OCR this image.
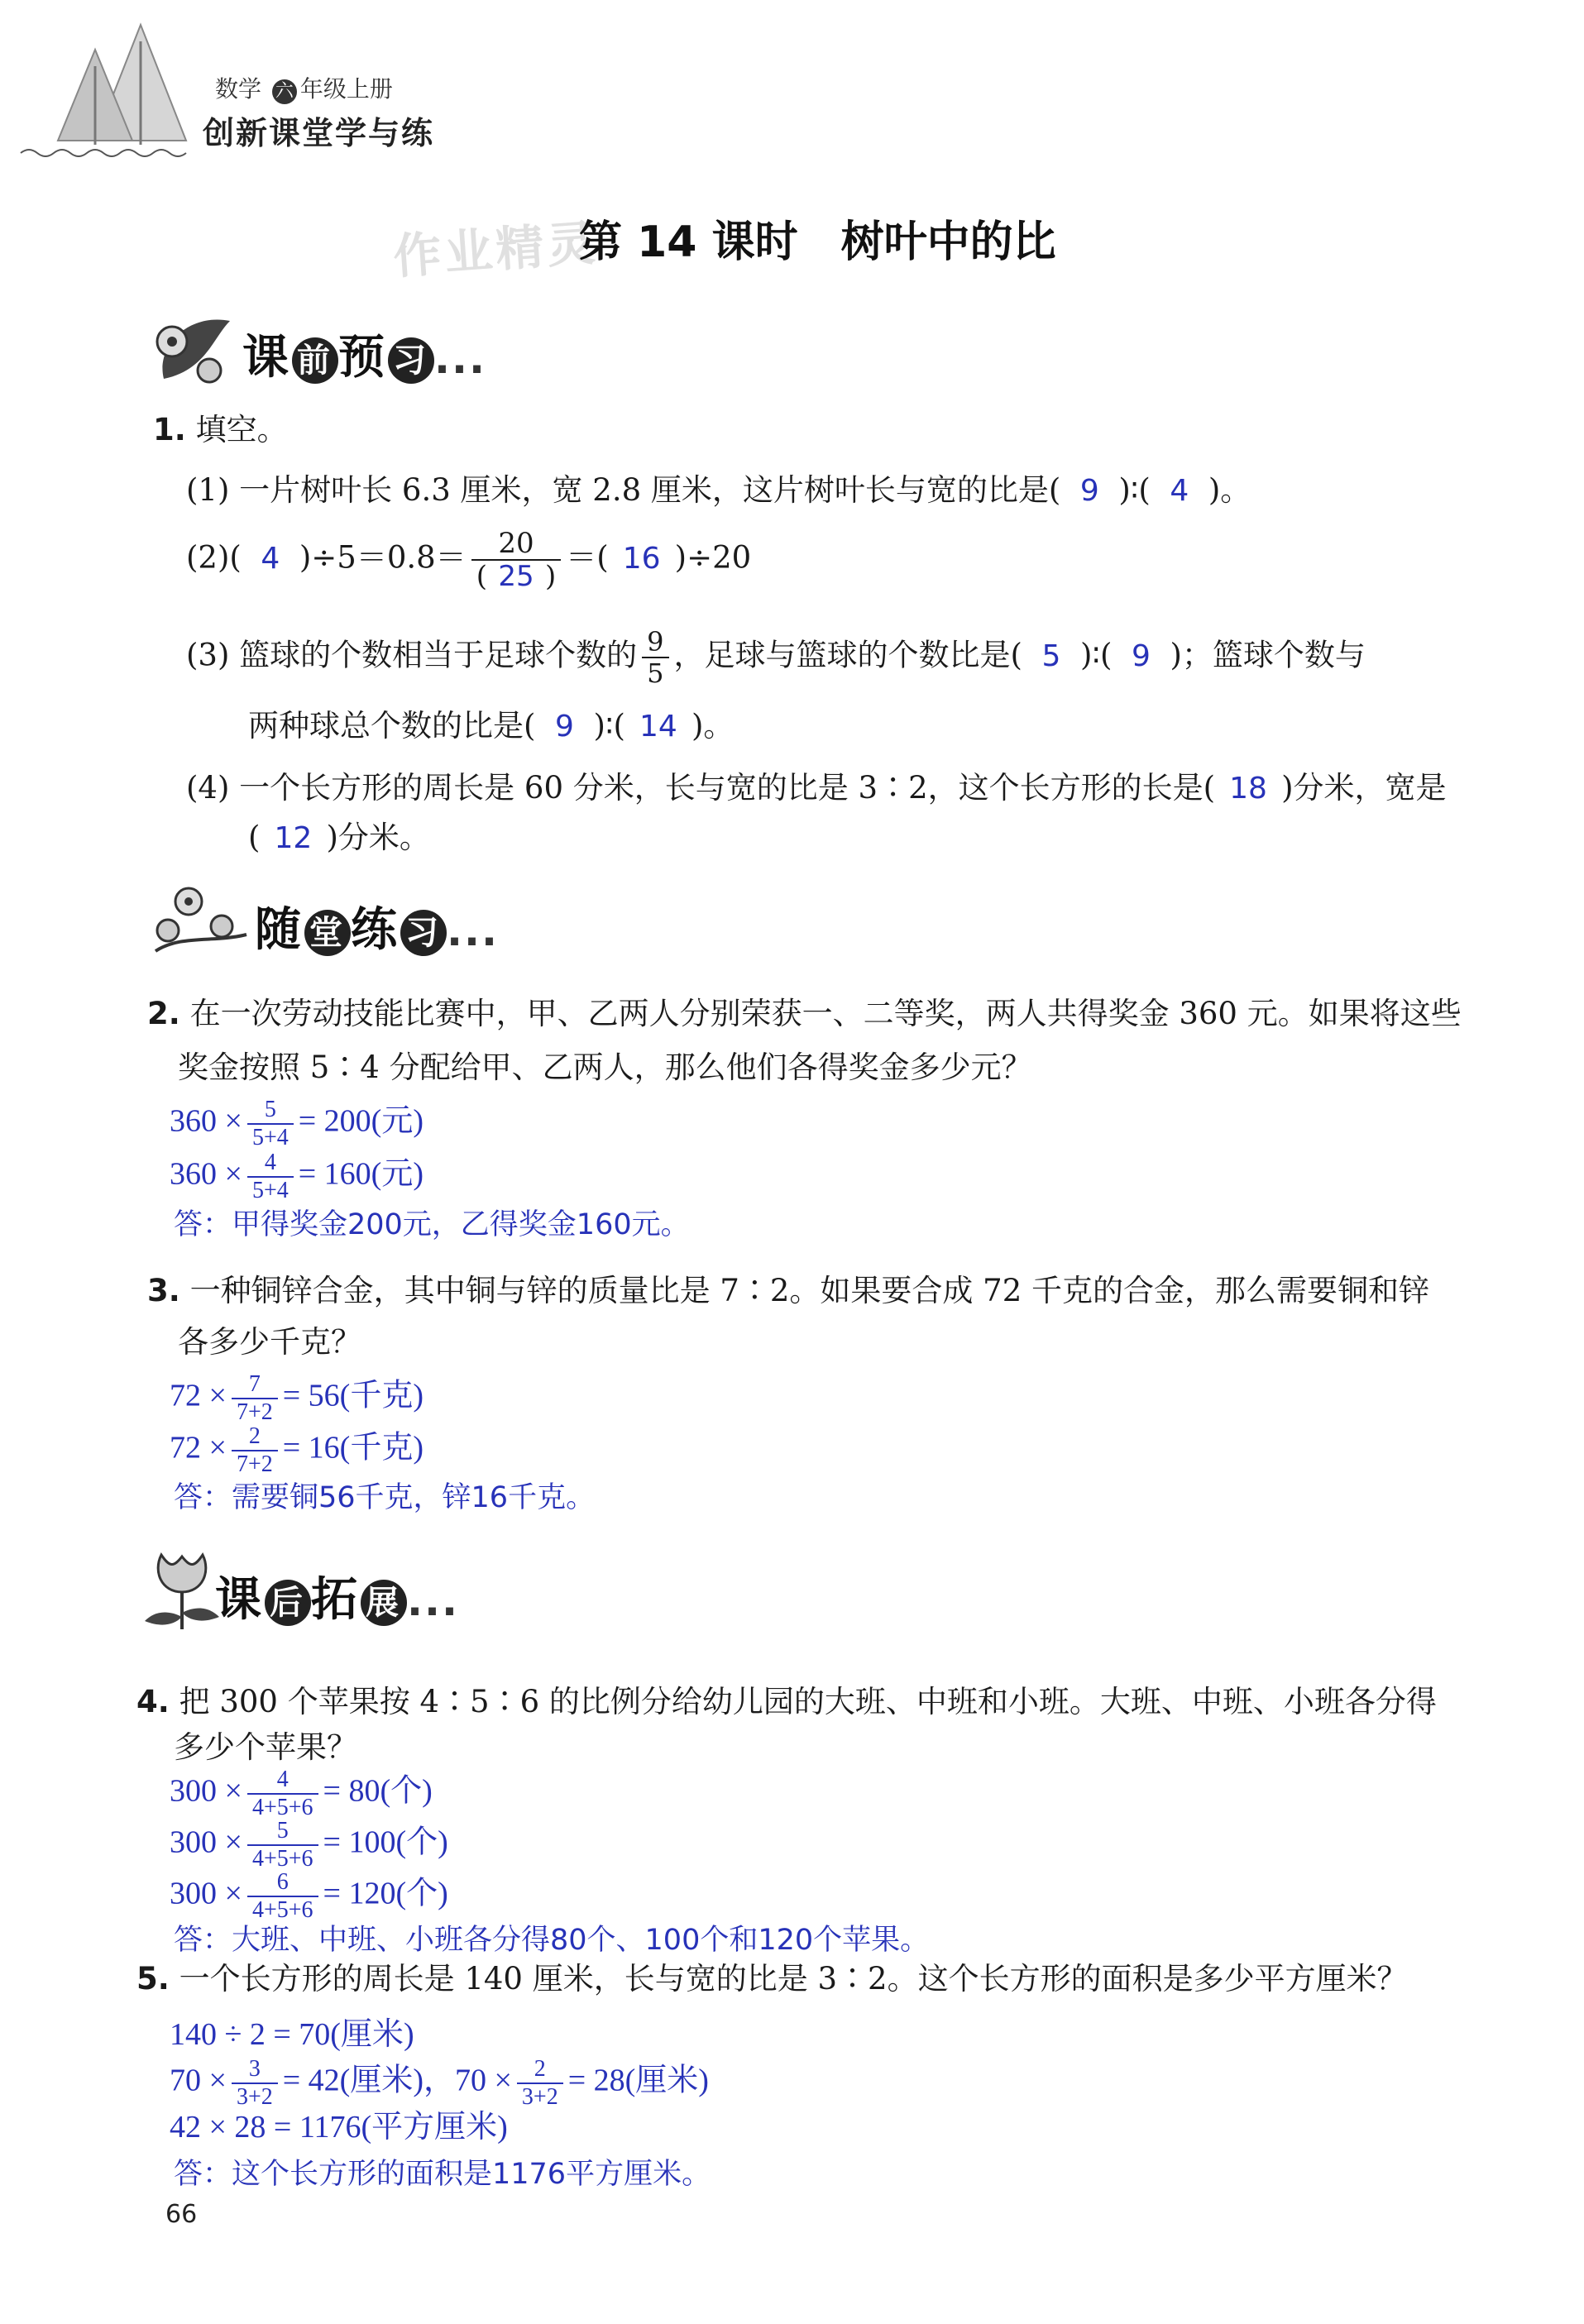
数学 六 年级上册
创新课堂学与练
作业精灵
第 14 课时　树叶中的比
课 前 预 习 ...
1. 填空。
(1) 一片树叶长 6.3 厘米，宽 2.8 厘米，这片树叶长与宽的比是( 9 )∶( 4 )。
(2)( 4 )$\div 5=0.8= \frac{20}{( 25 )}$ ＝( 16 )÷20
(3) 篮球的个数相当于足球个数的 $\frac{9}{5}$ ，足球与篮球的个数比是( 5 )∶( 9 )；篮球个数与
两种球总个数的比是( 9 )∶( 14 )。
(4) 一个长方形的周长是 60 分米，长与宽的比是 3∶2，这个长方形的长是( 18 )分米，宽是
( 12 )分米。
随 堂 练 习 ...
2. 在一次劳动技能比赛中，甲、乙两人分别荣获一、二等奖，两人共得奖金 360 元。如果将这些
奖金按照 5∶4 分配给甲、乙两人，那么他们各得奖金多少元？
$360 \times \frac{5}{5+4} = 200$(元)
$360 \times \frac{4}{5+4} = 160$(元)
答：甲得奖金200元，乙得奖金160元。
3. 一种铜锌合金，其中铜与锌的质量比是 7∶2。如果要合成 72 千克的合金，那么需要铜和锌
各多少千克？
$72 \times \frac{7}{7+2} = 56$(千克)
$72 \times \frac{2}{7+2} = 16$(千克)
答：需要铜56千克，锌16千克。
课 后 拓 展 ...
4. 把 300 个苹果按 4∶5∶6 的比例分给幼儿园的大班、中班和小班。大班、中班、小班各分得
多少个苹果？
$300 \times \frac{4}{4+5+6} = 80$(个)
$300 \times \frac{5}{4+5+6} = 100$(个)
$300 \times \frac{6}{4+5+6} = 120$(个)
答：大班、中班、小班各分得80个、100个和120个苹果。
5. 一个长方形的周长是 140 厘米，长与宽的比是 3∶2。这个长方形的面积是多少平方厘米？
140 ÷ 2 = 70(厘米)
$70 \times \frac{3}{3+2} = 42$(厘米)，$70 \times \frac{2}{3+2} = 28$(厘米)
42 × 28 = 1176(平方厘米)
答：这个长方形的面积是1176平方厘米。
66
